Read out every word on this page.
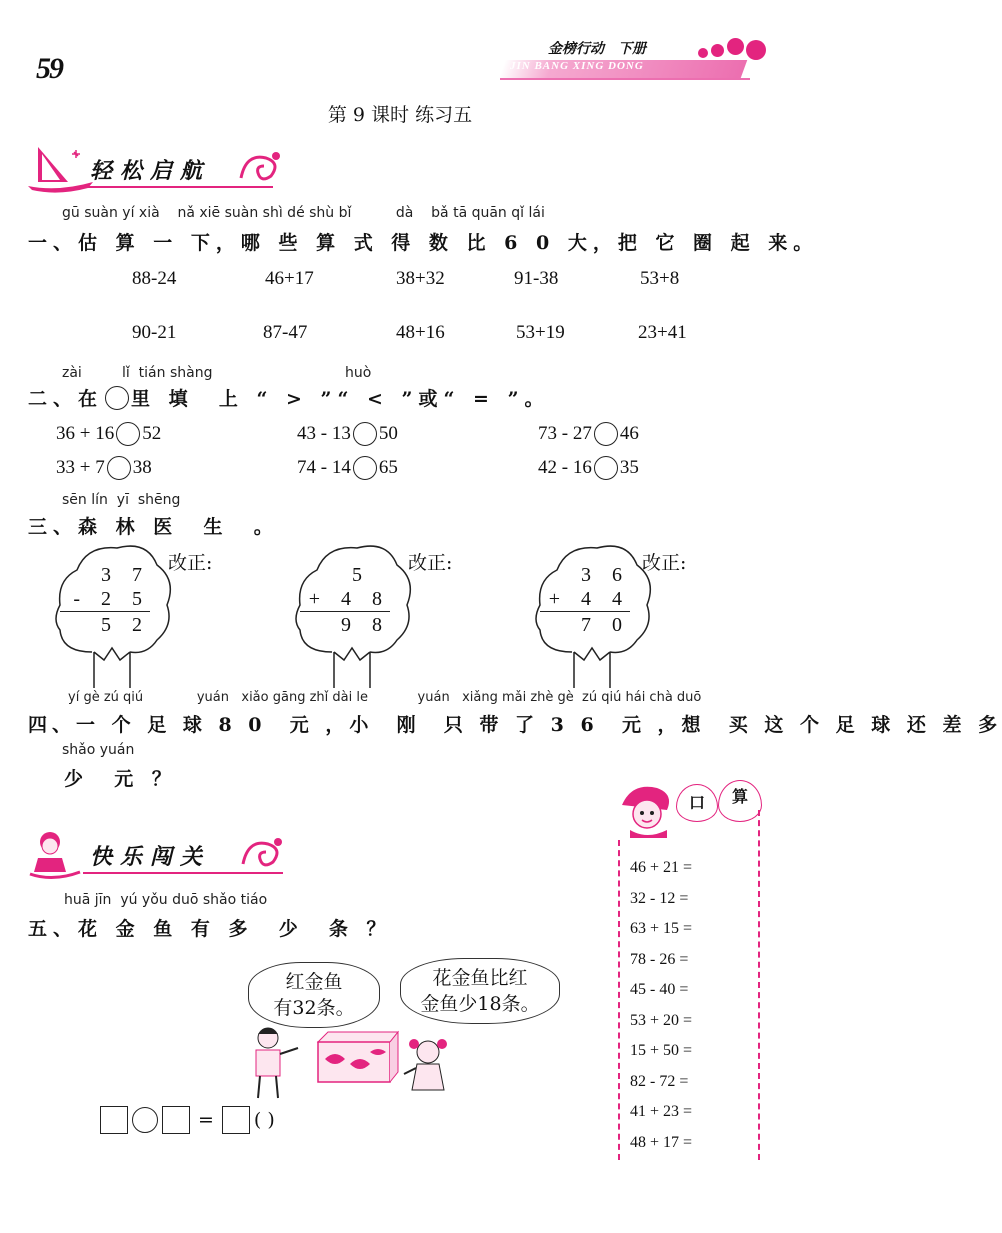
59
金榜行动 下册
JIN BANG XING DONG
第 9 课时 练习五
轻松启航
gū suàn yí xià    nǎ xiē suàn shì dé shù bǐ          dà    bǎ tā quān qǐ lái
一、估 算 一 下，哪 些 算 式 得 数 比 6 0 大，把 它 圈 起 来。
88-24	46+17	38+32	91-38	53+8
90-21	87-47	48+16	53+19	23+41
zài	lǐ  tián shàng	huò
二、在 里 填  上 “ > ”“ < ”或“ = ”。
36 + 16 52	43 - 13 50	73 - 27 46
33 + 7 38	74 - 14 65	42 - 16 35
sēn lín  yī  shēng
三、森 林 医  生  。
3 7
- 2 5
5 2
改正:
5
+ 4 8
9 8
改正:
3 6
+ 4 4
7 0
改正:
yí gè zú qiú             yuán   xiǎo gāng zhǐ dài le            yuán   xiǎng mǎi zhè gè  zú qiú hái chà duō
四、一 个 足 球 8 0  元 ，小  刚  只 带 了 3 6  元 ，想  买 这 个 足 球 还 差 多
shǎo yuán
少  元 ？
口	算
46 + 21 =
32 - 12 =
63 + 15 =
78 - 26 =
45 - 40 =
53 + 20 =
15 + 50 =
82 - 72 =
41 + 23 =
48 + 17 =
快乐闯关
huā jīn  yú yǒu duō shǎo tiáo
五、花 金 鱼 有 多  少  条 ？
红金鱼
有32条。
花金鱼比红
金鱼少18条。
= ( )
